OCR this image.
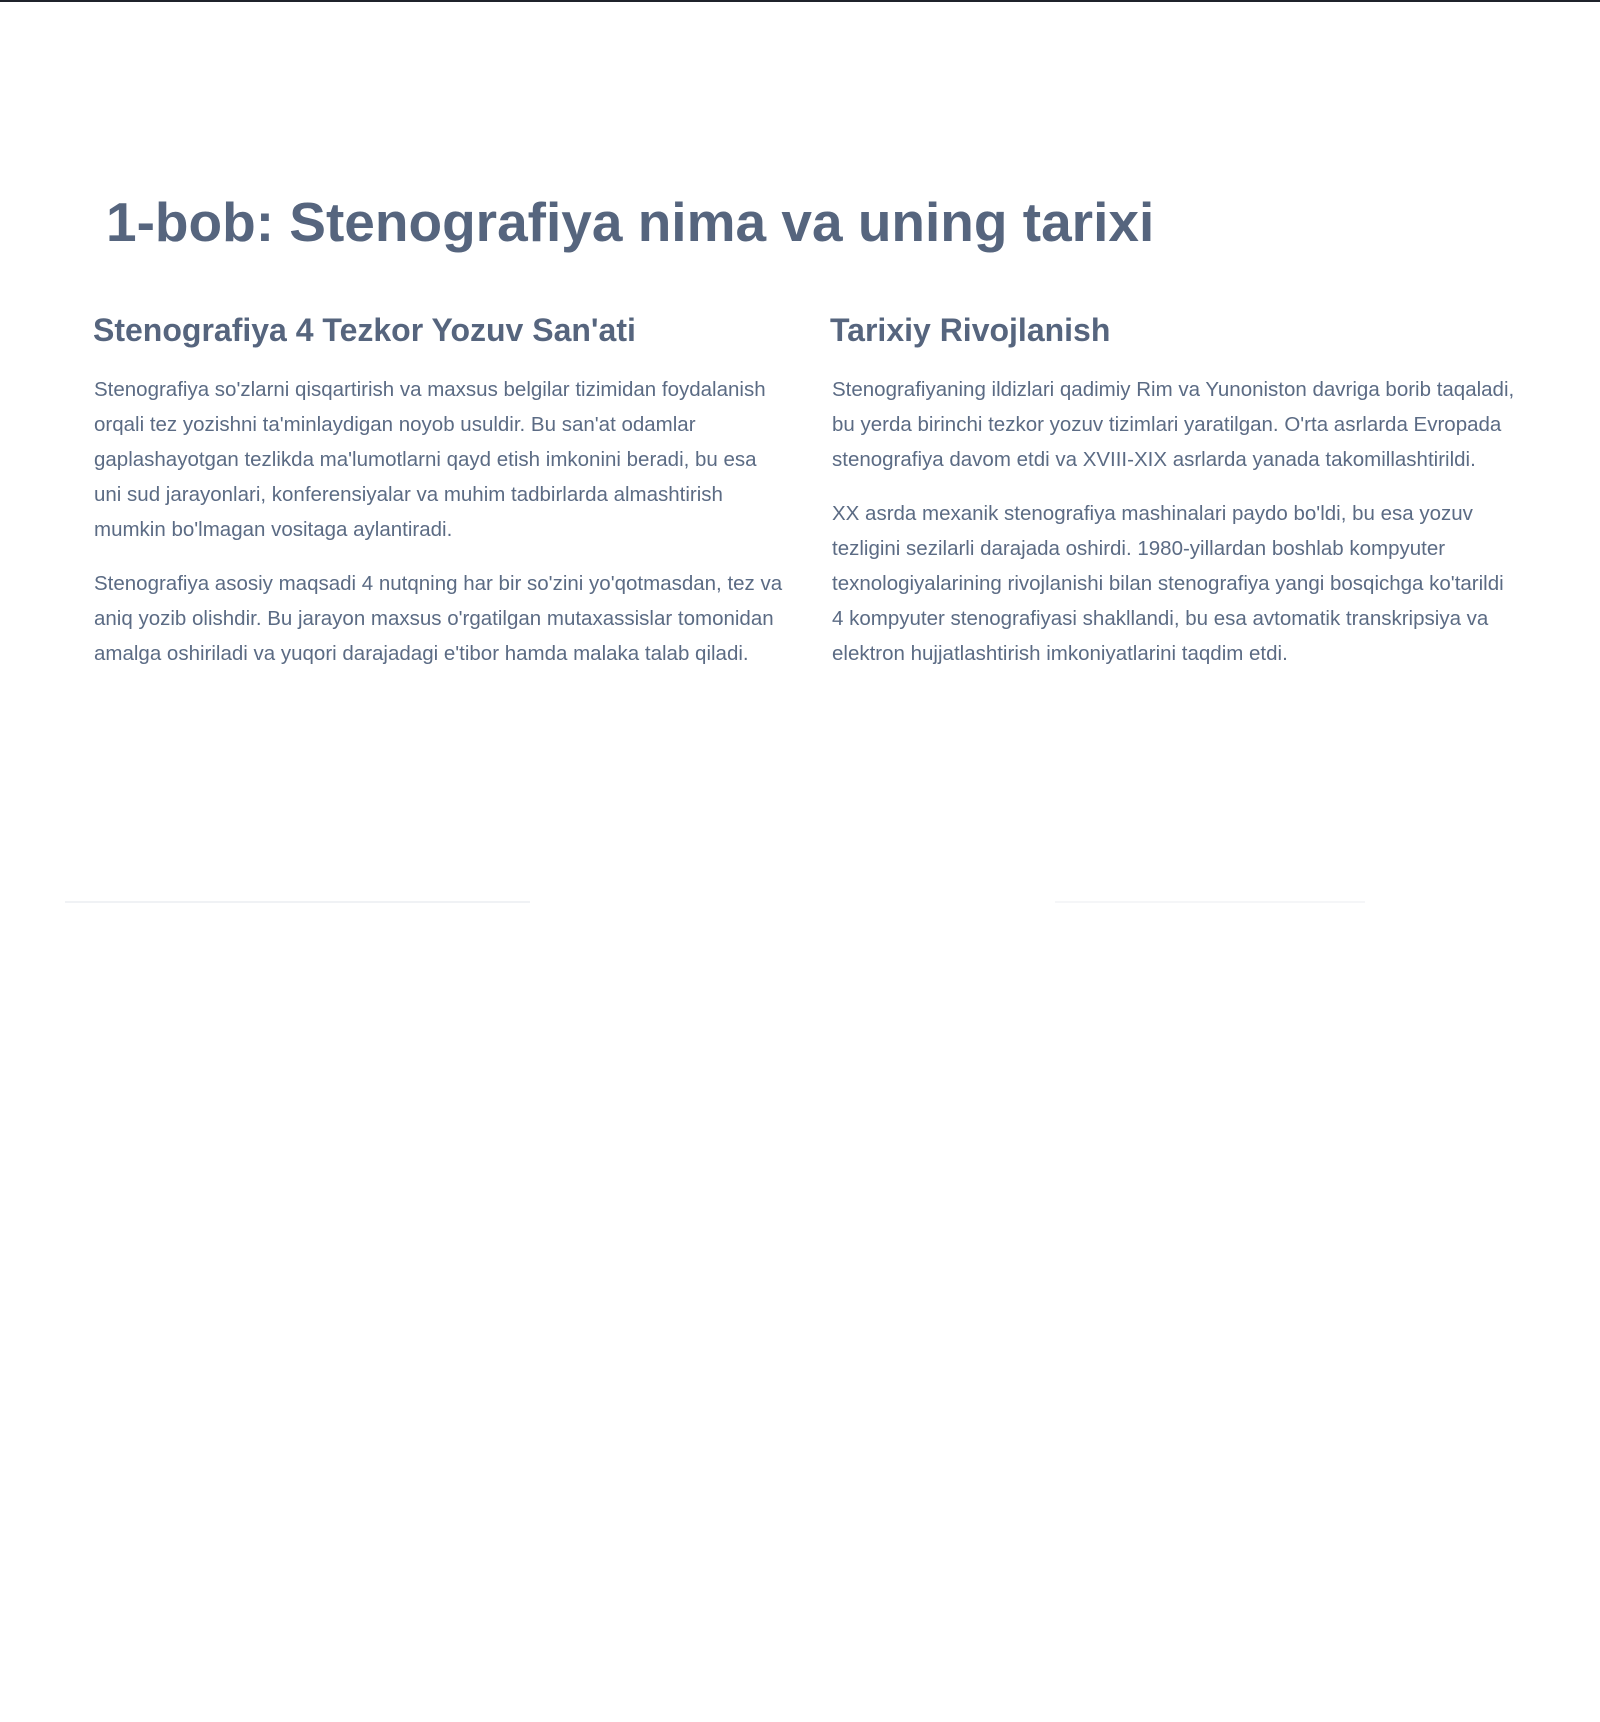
1-bob: Stenografiya nima va uning tarixi
Stenografiya 4 Tezkor Yozuv San'ati

Stenografiya so'zlarni qisqartirish va maxsus belgilar tizimidan foydalanish orqali tez yozishni ta'minlaydigan noyob usuldir. Bu san'at odamlar gaplashayotgan tezlikda ma'lumotlarni qayd etish imkonini beradi, bu esa uni sud jarayonlari, konferensiyalar va muhim tadbirlarda almashtirish mumkin bo'lmagan vositaga aylantiradi.

Stenografiya asosiy maqsadi 4 nutqning har bir so'zini yo'qotmasdan, tez va aniq yozib olishdir. Bu jarayon maxsus o'rgatilgan mutaxassislar tomonidan amalga oshiriladi va yuqori darajadagi e'tibor hamda malaka talab qiladi.

Tarixiy Rivojlanish

Stenografiyaning ildizlari qadimiy Rim va Yunoniston davriga borib taqaladi, bu yerda birinchi tezkor yozuv tizimlari yaratilgan. O'rta asrlarda Evropada stenografiya davom etdi va XVIII-XIX asrlarda yanada takomillashtirildi.

XX asrda mexanik stenografiya mashinalari paydo bo'ldi, bu esa yozuv tezligini sezilarli darajada oshirdi. 1980-yillardan boshlab kompyuter texnologiyalarining rivojlanishi bilan stenografiya yangi bosqichga ko'tarildi 4 kompyuter stenografiyasi shakllandi, bu esa avtomatik transkripsiya va elektron hujjatlashtirish imkoniyatlarini taqdim etdi.
